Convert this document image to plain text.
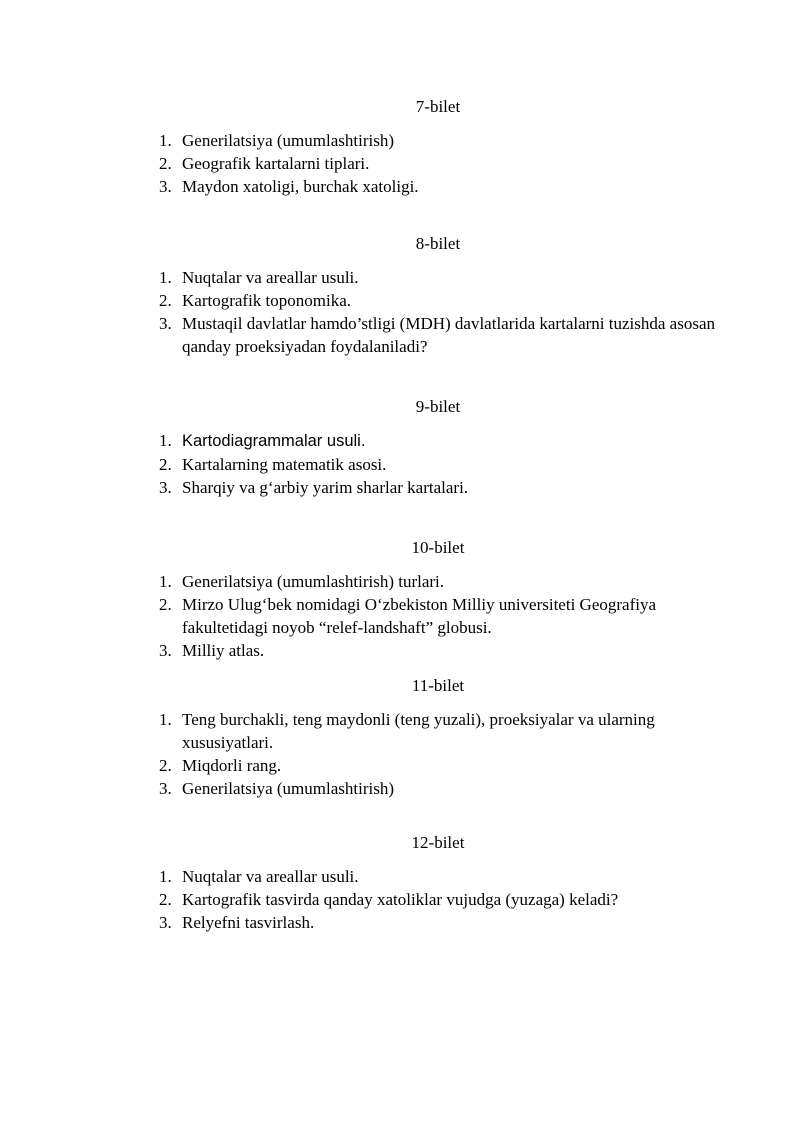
7-bilet
1. Generilatsiya (umumlashtirish)
2. Geografik kartalarni tiplari.
3. Maydon xatoligi, burchak xatoligi.
8-bilet
1. Nuqtalar va areallar usuli.
2. Kartografik toponomika.
3. Mustaqil davlatlar hamdo’stligi (MDH) davlatlarida kartalarni tuzishda asosan qanday proeksiyadan foydalaniladi?
9-bilet
1. Kartodiagrammalar usuli.
2. Kartalarning matematik asosi.
3. Sharqiy va g‘arbiy yarim sharlar kartalari.
10-bilet
1. Generilatsiya (umumlashtirish) turlari.
2. Mirzo Ulug‘bek nomidagi O‘zbekiston Milliy universiteti Geografiya fakultetidagi noyob “relef-landshaft” globusi.
3. Milliy atlas.
11-bilet
1. Teng burchakli, teng maydonli (teng yuzali), proeksiyalar va ularning xususiyatlari.
2. Miqdorli rang.
3. Generilatsiya (umumlashtirish)
12-bilet
1. Nuqtalar va areallar usuli.
2. Kartografik tasvirda qanday xatoliklar vujudga (yuzaga) keladi?
3. Relyefni tasvirlash.
